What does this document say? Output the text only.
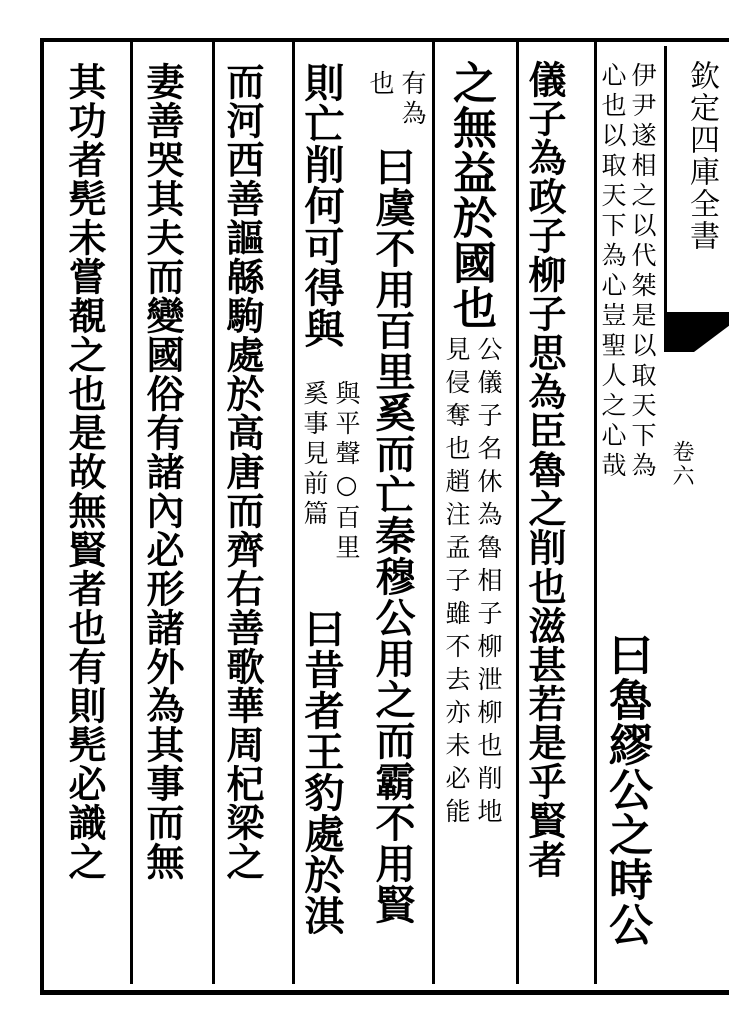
欽定四庫全書
卷六
伊尹遂相之以代桀是以取天下為
心也以取天下為心豈聖人之心哉
曰魯繆公之時公
儀子為政子柳子思為臣魯之削也滋甚若是乎賢者
之無益於國也
公儀子名休為魯相子柳泄柳也削地
見侵奪也趙注孟子雖不去亦未必能
有為
也
曰虞不用百里奚而亡秦穆公用之而霸不用賢
則亡削何可得與
與平聲○百里
奚事見前篇
曰昔者王豹處於淇
而河西善謳緜駒處於高唐而齊右善歌華周杞梁之
妻善哭其夫而變國俗有諸內必形諸外為其事而無
其功者髡未嘗覩之也是故無賢者也有則髡必識之
